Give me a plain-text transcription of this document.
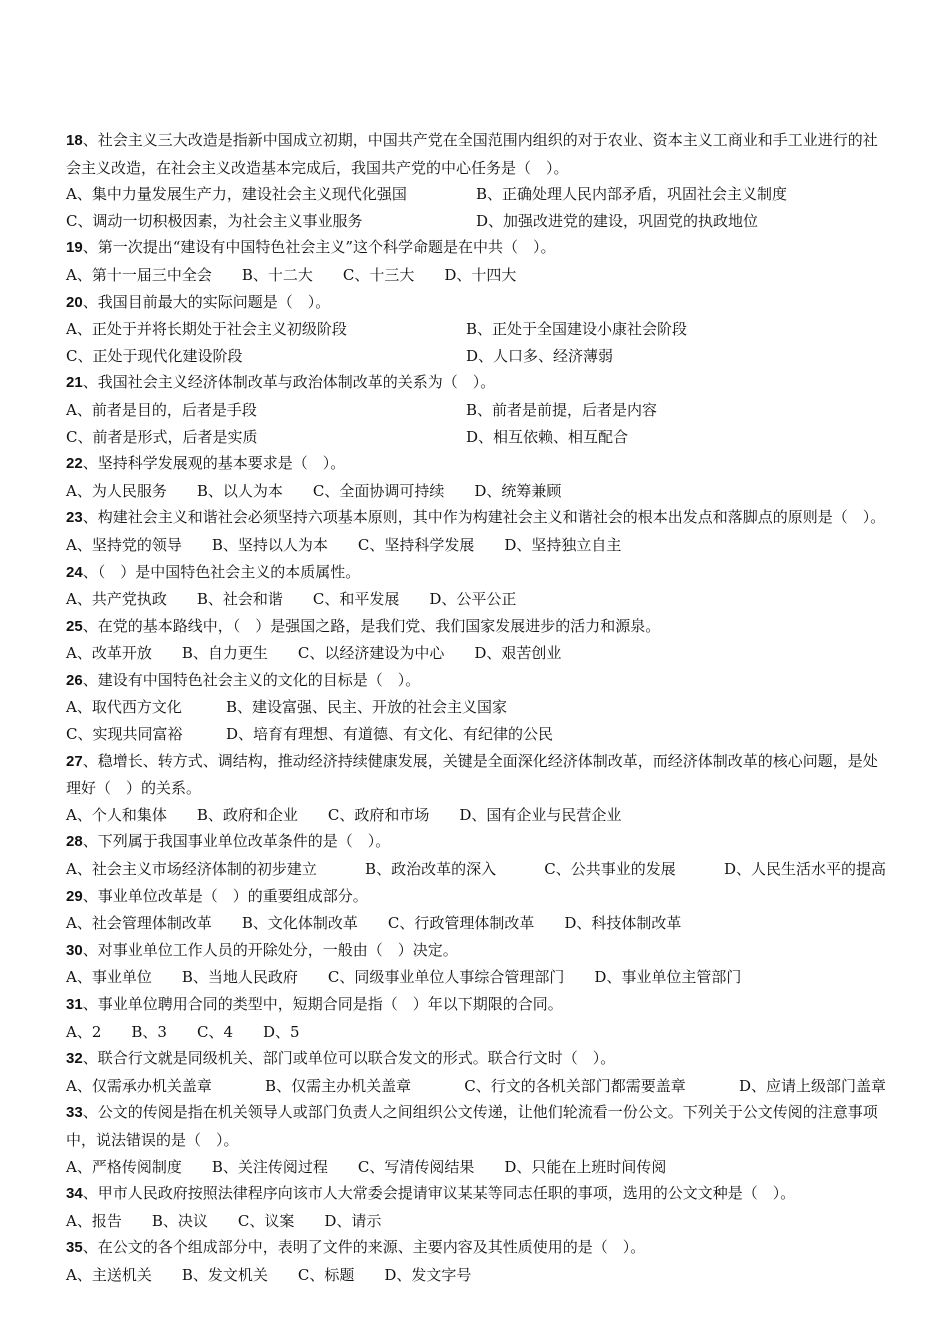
18、社会主义三大改造是指新中国成立初期，中国共产党在全国范围内组织的对于农业、资本主义工商业和手工业进行的社会主义改造，在社会主义改造基本完成后，我国共产党的中心任务是（　）。
A、集中力量发展生产力，建设社会主义现代化强国	B、正确处理人民内部矛盾，巩固社会主义制度
C、调动一切积极因素，为社会主义事业服务	D、加强改进党的建设，巩固党的执政地位
19、第一次提出“建设有中国特色社会主义”这个科学命题是在中共（　）。
A、第十一届三中全会 B、十二大 C、十三大 D、十四大
20、我国目前最大的实际问题是（　）。
A、正处于并将长期处于社会主义初级阶段	B、正处于全国建设小康社会阶段
C、正处于现代化建设阶段	D、人口多、经济薄弱
21、我国社会主义经济体制改革与政治体制改革的关系为（　）。
A、前者是目的，后者是手段	B、前者是前提，后者是内容
C、前者是形式，后者是实质	D、相互依赖、相互配合
22、坚持科学发展观的基本要求是（　）。
A、为人民服务 B、以人为本 C、全面协调可持续 D、统筹兼顾
23、构建社会主义和谐社会必须坚持六项基本原则，其中作为构建社会主义和谐社会的根本出发点和落脚点的原则是（　）。
A、坚持党的领导 B、坚持以人为本 C、坚持科学发展 D、坚持独立自主
24、（　）是中国特色社会主义的本质属性。
A、共产党执政 B、社会和谐 C、和平发展 D、公平公正
25、在党的基本路线中，（　）是强国之路，是我们党、我们国家发展进步的活力和源泉。
A、改革开放 B、自力更生 C、以经济建设为中心 D、艰苦创业
26、建设有中国特色社会主义的文化的目标是（　）。
A、取代西方文化	B、建设富强、民主、开放的社会主义国家
C、实现共同富裕	D、培育有理想、有道德、有文化、有纪律的公民
27、稳增长、转方式、调结构，推动经济持续健康发展，关键是全面深化经济体制改革，而经济体制改革的核心问题，是处理好（　）的关系。
A、个人和集体 B、政府和企业 C、政府和市场 D、国有企业与民营企业
28、下列属于我国事业单位改革条件的是（　）。
A、社会主义市场经济体制的初步建立	B、政治改革的深入	C、公共事业的发展	D、人民生活水平的提高
29、事业单位改革是（　）的重要组成部分。
A、社会管理体制改革 B、文化体制改革 C、行政管理体制改革 D、科技体制改革
30、对事业单位工作人员的开除处分，一般由（　）决定。
A、事业单位 B、当地人民政府 C、同级事业单位人事综合管理部门 D、事业单位主管部门
31、事业单位聘用合同的类型中，短期合同是指（　）年以下期限的合同。
A、2 B、3 C、4 D、5
32、联合行文就是同级机关、部门或单位可以联合发文的形式。联合行文时（　）。
A、仅需承办机关盖章	B、仅需主办机关盖章	C、行文的各机关部门都需要盖章	D、应请上级部门盖章
33、公文的传阅是指在机关领导人或部门负责人之间组织公文传递，让他们轮流看一份公文。下列关于公文传阅的注意事项中，说法错误的是（　）。
A、严格传阅制度 B、关注传阅过程 C、写清传阅结果 D、只能在上班时间传阅
34、甲市人民政府按照法律程序向该市人大常委会提请审议某某等同志任职的事项，选用的公文文种是（　）。
A、报告 B、决议 C、议案 D、请示
35、在公文的各个组成部分中，表明了文件的来源、主要内容及其性质使用的是（　）。
A、主送机关 B、发文机关 C、标题 D、发文字号
